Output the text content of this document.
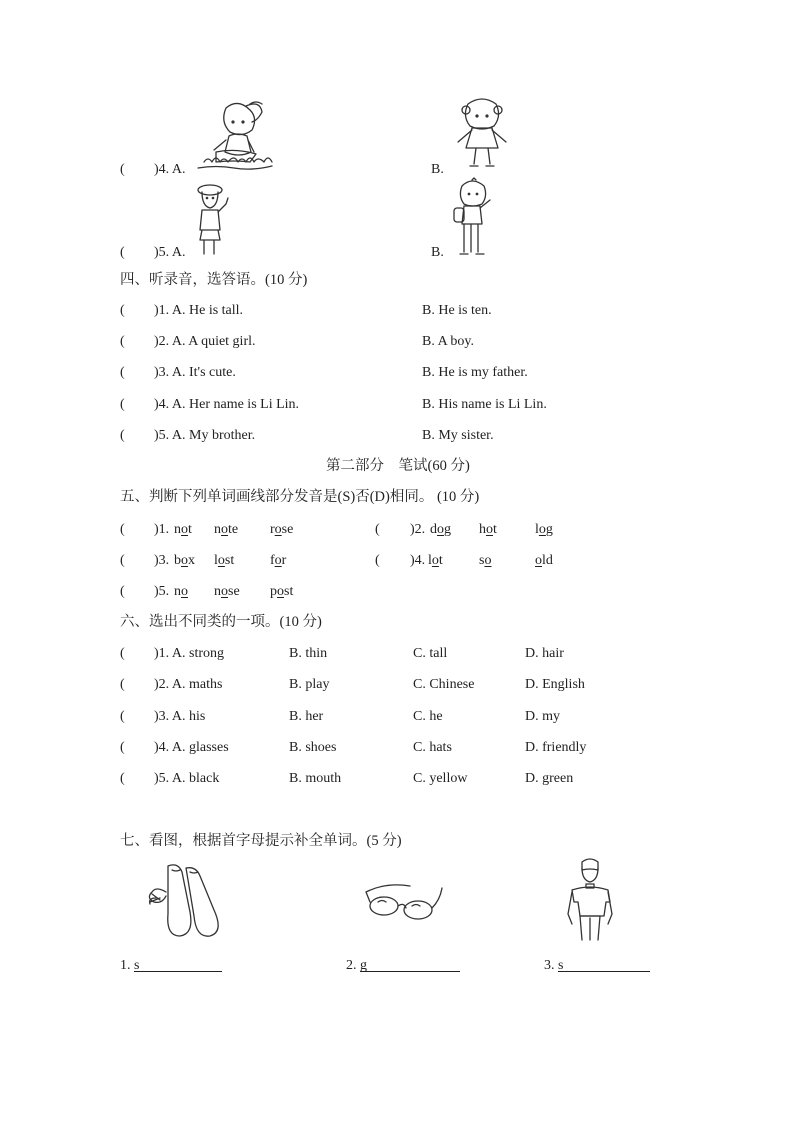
( )4. A.	B.
( )5. A.	B.
四、听录音，选答语。(10 分)
( )1. A. He is tall.	B. He is ten.
( )2. A. A quiet girl.	B. A boy.
( )3. A. It's cute.	B. He is my father.
( )4. A. Her name is Li Lin.	B. His name is Li Lin.
( )5. A. My brother.	B. My sister.
第二部分　笔试(60 分)
五、判断下列单词画线部分发音是(S)否(D)相同。 (10 分)
( )1. not note rose	( )2. dog hot	log
( )3. box lost	for	( )4. lot	so	old
( )5. no nose post
六、选出不同类的一项。(10 分)
( )1. A. strong	B. thin	C. tall	D. hair
( )2. A. maths	B. play	C. Chinese	D. English
( )3. A. his	B. her	C. he	D. my
( )4. A. glasses	B. shoes	C. hats	D. friendly
( )5. A. black	B. mouth	C. yellow	D. green
七、看图，根据首字母提示补全单词。(5 分)
1. s	2. g	3. s
